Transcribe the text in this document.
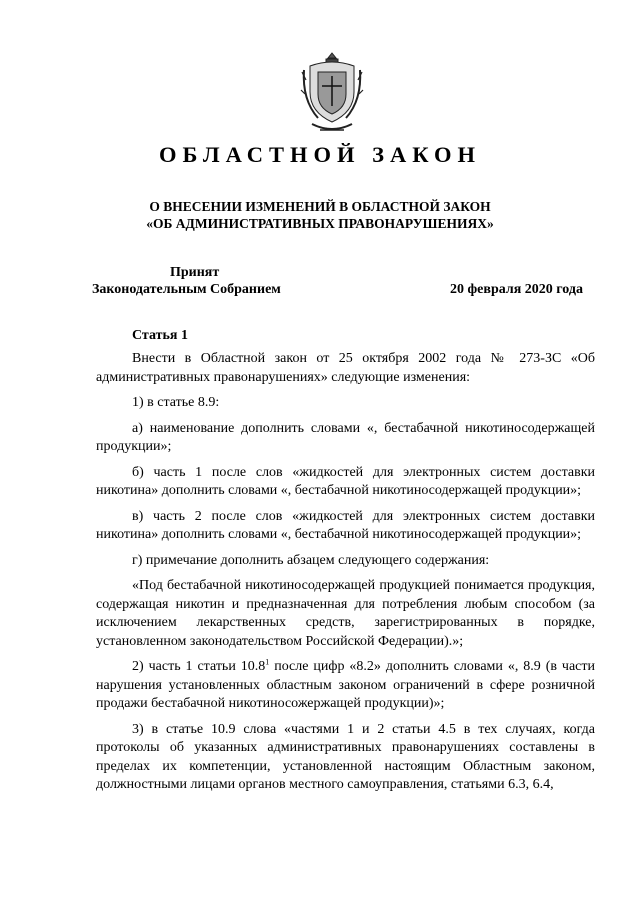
ОБЛАСТНОЙ ЗАКОН
О ВНЕСЕНИИ ИЗМЕНЕНИЙ В ОБЛАСТНОЙ ЗАКОН
«ОБ АДМИНИСТРАТИВНЫХ ПРАВОНАРУШЕНИЯХ»
Принят
Законодательным Собранием	20 февраля 2020 года
Статья 1

Внести в Областной закон от 25 октября 2002 года № 273-ЗС «Об административных правонарушениях» следующие изменения:

1) в статье 8.9:

а) наименование дополнить словами «, бестабачной никотиносодержащей продукции»;

б) часть 1 после слов «жидкостей для электронных систем доставки никотина» дополнить словами «, бестабачной никотиносодержащей продукции»;

в) часть 2 после слов «жидкостей для электронных систем доставки никотина» дополнить словами «, бестабачной никотиносодержащей продукции»;

г) примечание дополнить абзацем следующего содержания:

«Под бестабачной никотиносодержащей продукцией понимается продукция, содержащая никотин и предназначенная для потребления любым способом (за исключением лекарственных средств, зарегистрированных в порядке, установленном законодательством Российской Федерации).»;

2) часть 1 статьи 10.8$^1$ после цифр «8.2» дополнить словами «, 8.9 (в части нарушения установленных областным законом ограничений в сфере розничной продажи бестабачной никотиносожержащей продукции)»;

3) в статье 10.9 слова «частями 1 и 2 статьи 4.5 в тех случаях, когда протоколы об указанных административных правонарушениях составлены в пределах их компетенции, установленной настоящим Областным законом, должностными лицами органов местного самоуправления, статьями 6.3, 6.4,
